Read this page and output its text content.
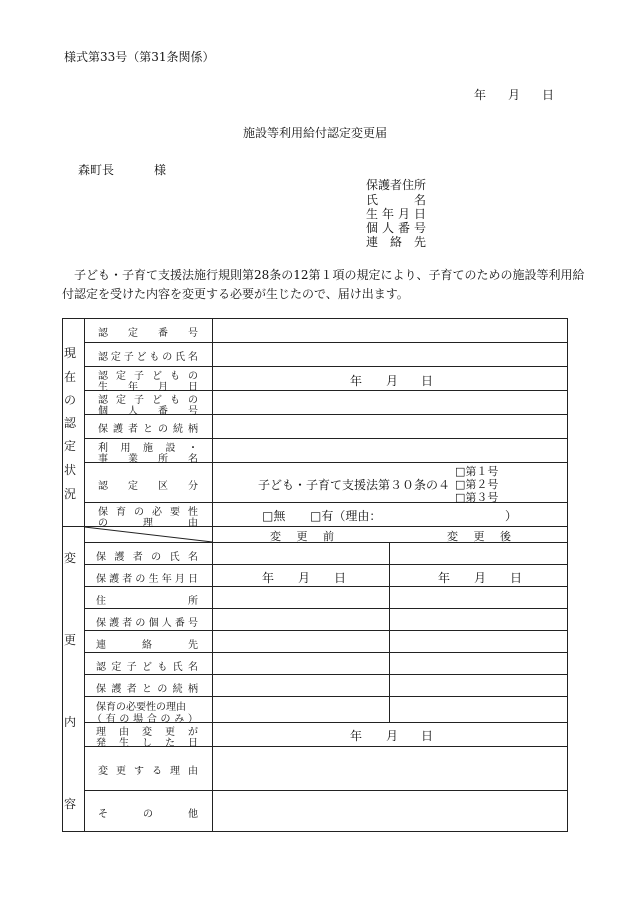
様式第33号（第31条関係）
年 月 日
施設等利用給付認定変更届
森町長	様
保護者住所
氏	名
生 年 月 日
個 人 番 号
連 絡 先
子ども・子育て支援法施行規則第28条の12第１項の規定により、子育てのための施設等利用給
付認定を受けた内容を変更する必要が生じたので、届け出ます。
現
在
の
認
定
状
況
変
更
内
容
認 定 番 号
認 定 子 ど も の 氏 名
認 定 子 ど も の
生 年 月 日	年 月 日
認 定 子 ど も の
個 人 番 号
保 護 者 と の 続 柄
利 用 施 設 ・
事 業 所 名
認 定 区 分	子ども・子育て支援法第３０条の４
□第１号
□第２号
□第３号
保 育 の 必 要 性
の	理	由
□無 □有（理由：	）
変 更 前	変 更 後
保 護 者 の 氏 名
保 護 者 の 生 年 月 日	年 月 日	年 月 日
住	所
保 護 者 の 個 人 番 号
連	絡	先
認 定 子 ど も 氏 名
保 護 者 と の 続 柄
保育の必要性の理由
（ 有 の 場 合 の み ）
理 由 変 更 が
発 生 し た 日
年 月 日
変 更 す る 理 由
そ	の	他
